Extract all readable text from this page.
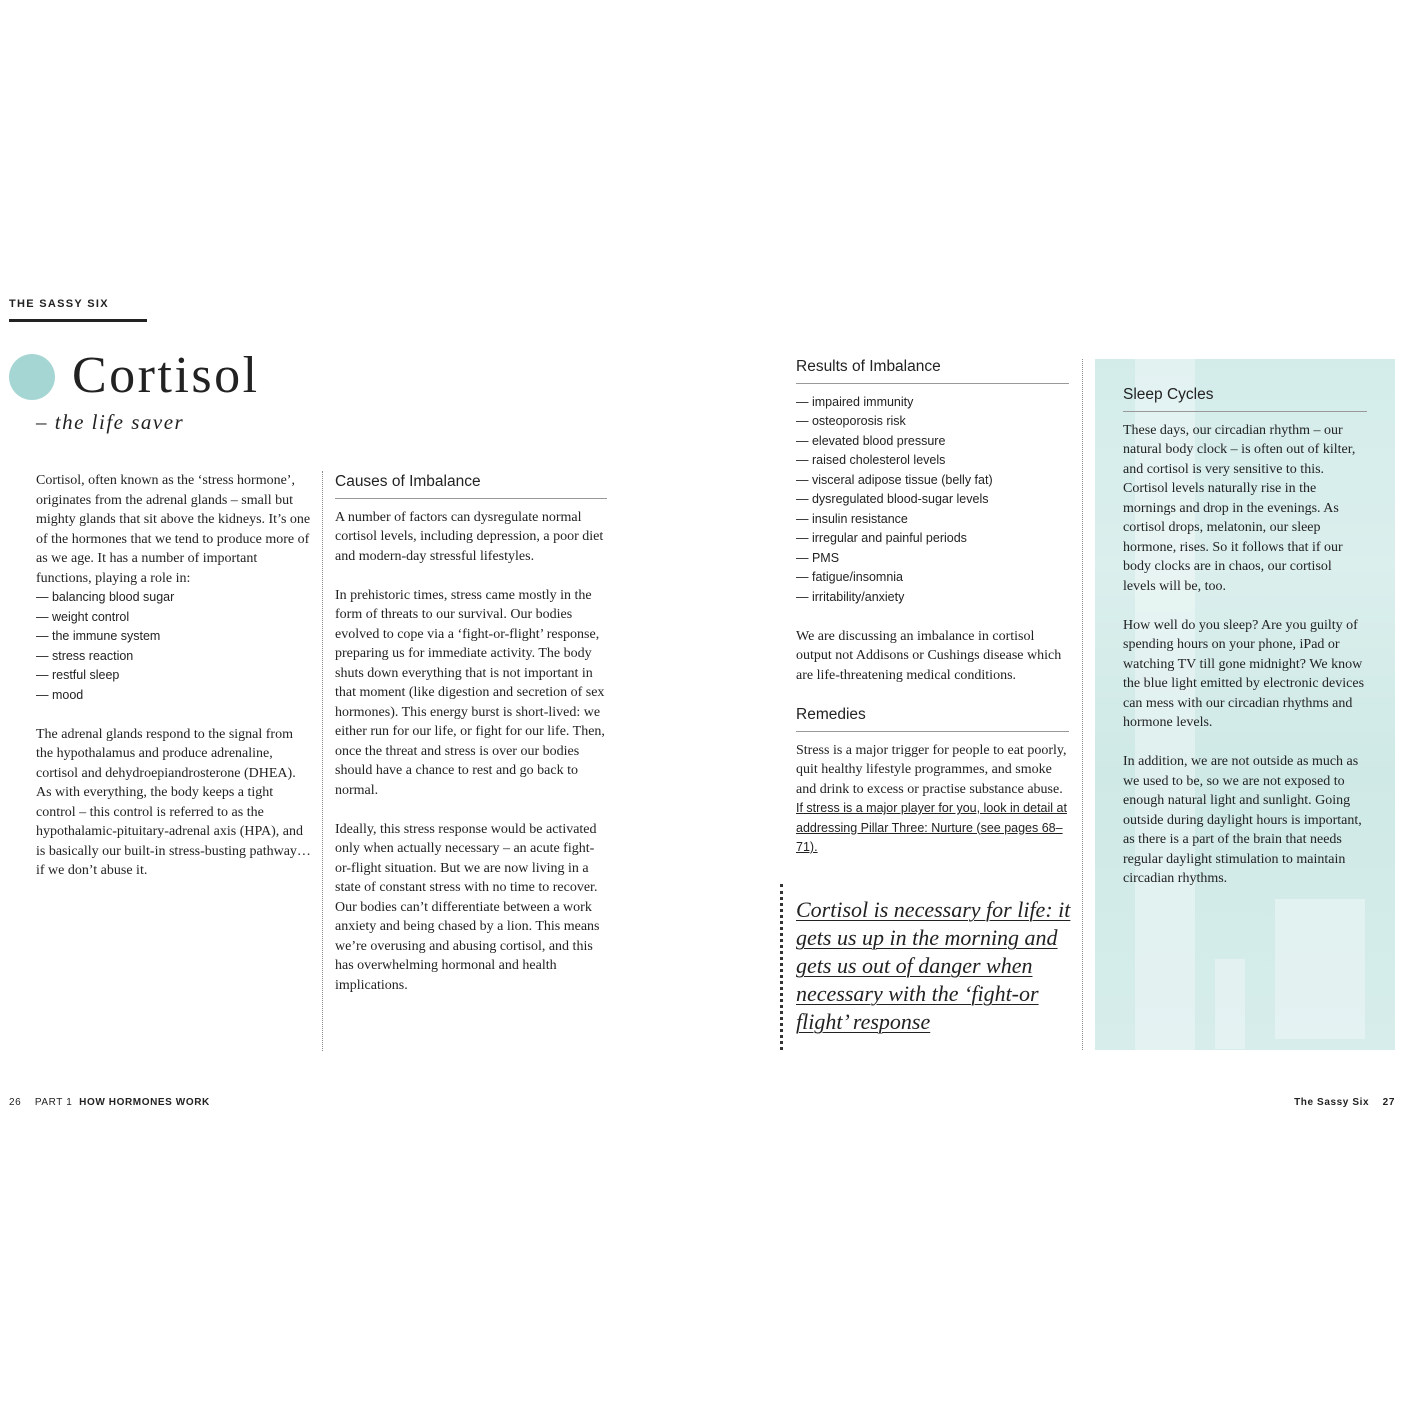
THE SASSY SIX
Cortisol
– the life saver

Cortisol, often known as the ‘stress hormone’, originates from the adrenal glands – small but mighty glands that sit above the kidneys. It’s one of the hormones that we tend to produce more of as we age. It has a number of important functions, playing a role in:

— balancing blood sugar
— weight control
— the immune system
— stress reaction
— restful sleep
— mood

The adrenal glands respond to the signal from the hypothalamus and produce adrenaline, cortisol and dehydroepiandrosterone (DHEA). As with everything, the body keeps a tight control – this control is referred to as the hypothalamic-pituitary-adrenal axis (HPA), and is basically our built-in stress-busting pathway… if we don’t abuse it.

Causes of Imbalance

A number of factors can dysregulate normal cortisol levels, including depression, a poor diet and modern-day stressful lifestyles.

In prehistoric times, stress came mostly in the form of threats to our survival. Our bodies evolved to cope via a ‘fight-or-flight’ response, preparing us for immediate activity. The body shuts down everything that is not important in that moment (like digestion and secretion of sex hormones). This energy burst is short-lived: we either run for our life, or fight for our life. Then, once the threat and stress is over our bodies should have a chance to rest and go back to normal.

Ideally, this stress response would be activated only when actually necessary – an acute fight-or-flight situation. But we are now living in a state of constant stress with no time to recover. Our bodies can’t differentiate between a work anxiety and being chased by a lion. This means we’re overusing and abusing cortisol, and this has overwhelming hormonal and health implications.

Results of Imbalance
— impaired immunity
— osteoporosis risk
— elevated blood pressure
— raised cholesterol levels
— visceral adipose tissue (belly fat)
— dysregulated blood-sugar levels
— insulin resistance
— irregular and painful periods
— PMS
— fatigue/insomnia
— irritability/anxiety

We are discussing an imbalance in cortisol output not Addisons or Cushings disease which are life-threatening medical conditions.

Remedies

Stress is a major trigger for people to eat poorly, quit healthy lifestyle programmes, and smoke and drink to excess or practise substance abuse. If stress is a major player for you, look in detail at addressing Pillar Three: Nurture (see pages 68–71).

Cortisol is necessary for life: it gets us up in the morning and gets us out of danger when necessary with the ‘fight-or flight’ response
Sleep Cycles

These days, our circadian rhythm – our natural body clock – is often out of kilter, and cortisol is very sensitive to this. Cortisol levels naturally rise in the mornings and drop in the evenings. As cortisol drops, melatonin, our sleep hormone, rises. So it follows that if our body clocks are in chaos, our cortisol levels will be, too.

How well do you sleep? Are you guilty of spending hours on your phone, iPad or watching TV till gone midnight? We know the blue light emitted by electronic devices can mess with our circadian rhythms and hormone levels.

In addition, we are not outside as much as we used to be, so we are not exposed to enough natural light and sunlight. Going outside during daylight hours is important, as there is a part of the brain that needs regular daylight stimulation to maintain circadian rhythms.

26 PART 1 HOW HORMONES WORK	The Sassy Six 27
